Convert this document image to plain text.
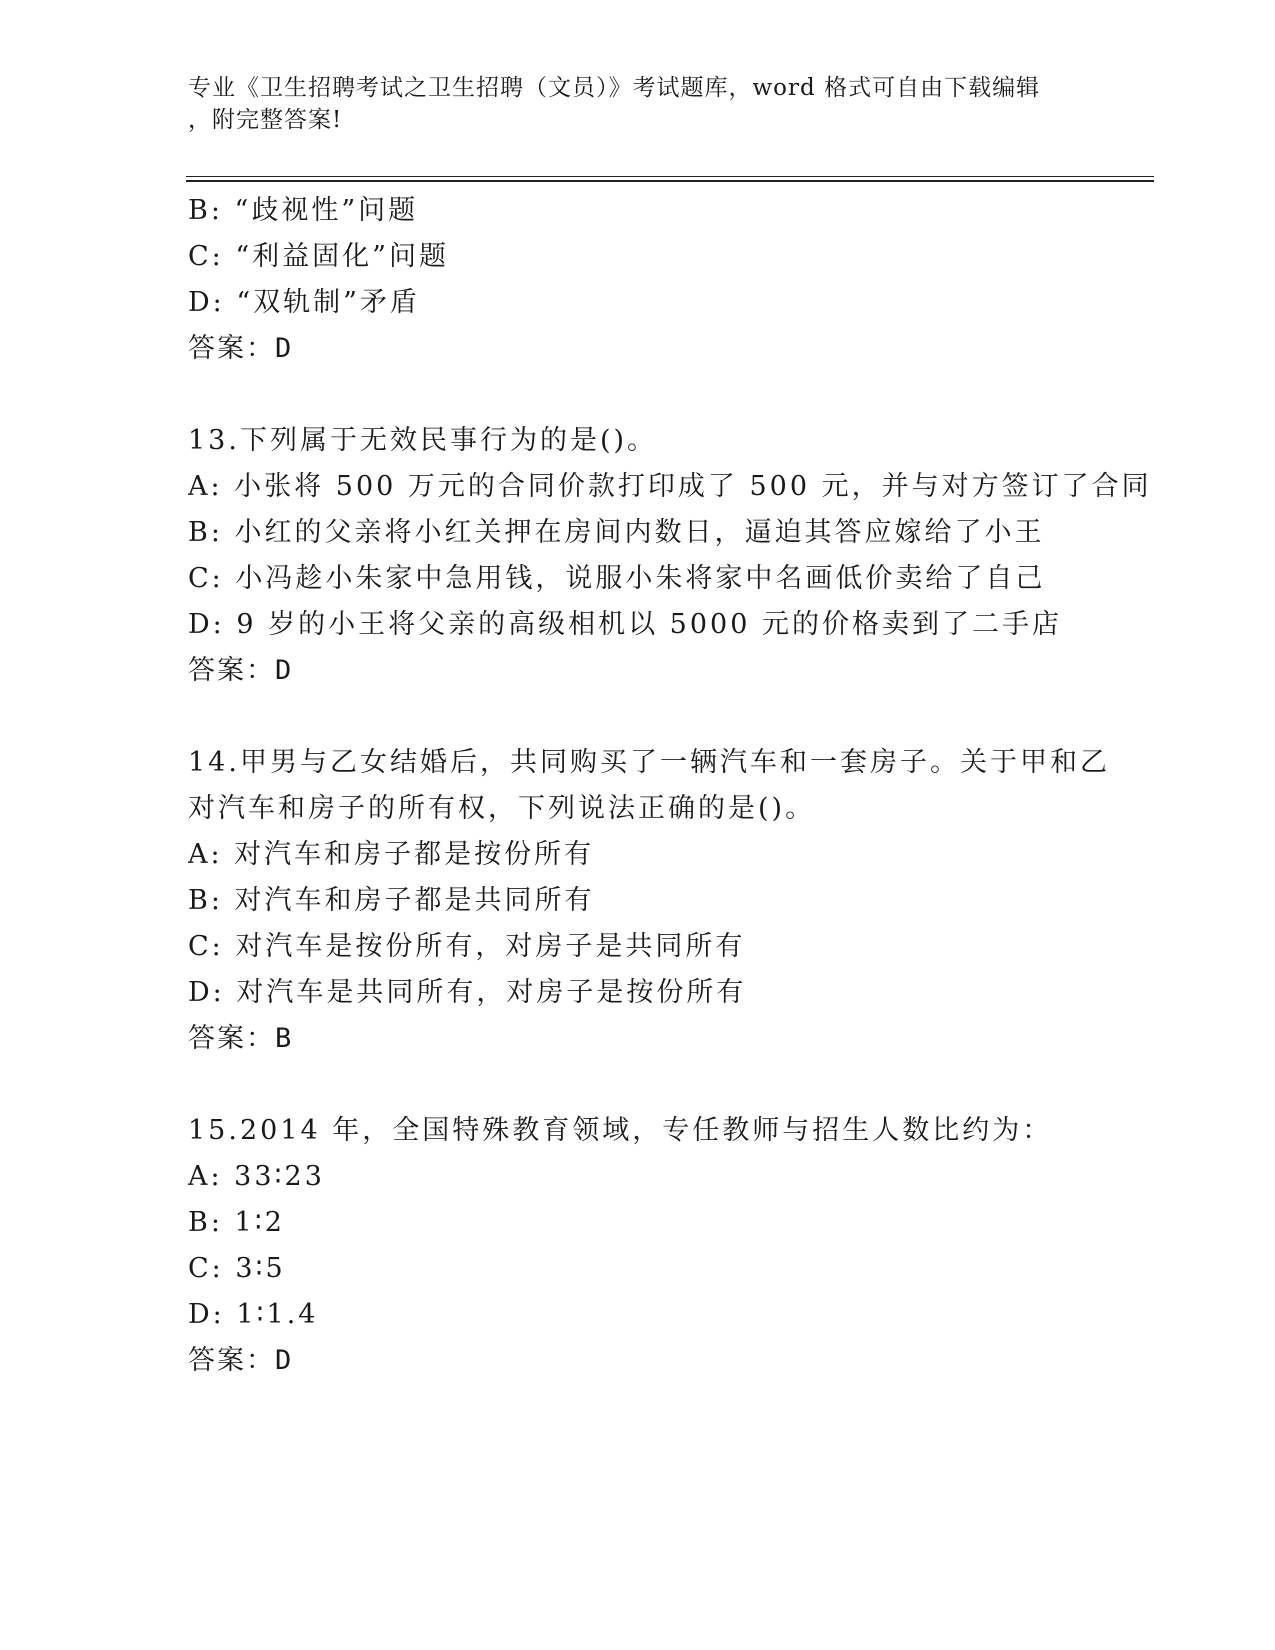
专业《卫生招聘考试之卫生招聘（文员）》考试题库，word 格式可自由下载编辑
，附完整答案!
B: “歧视性”问题
C: “利益固化”问题
D: “双轨制”矛盾
答案：D
13.下列属于无效民事行为的是()。
A: 小张将 500 万元的合同价款打印成了 500 元，并与对方签订了合同
B: 小红的父亲将小红关押在房间内数日，逼迫其答应嫁给了小王
C: 小冯趁小朱家中急用钱，说服小朱将家中名画低价卖给了自己
D: 9 岁的小王将父亲的高级相机以 5000 元的价格卖到了二手店
答案：D
14.甲男与乙女结婚后，共同购买了一辆汽车和一套房子。关于甲和乙
对汽车和房子的所有权，下列说法正确的是()。
A: 对汽车和房子都是按份所有
B: 对汽车和房子都是共同所有
C: 对汽车是按份所有，对房子是共同所有
D: 对汽车是共同所有，对房子是按份所有
答案：B
15.2014 年，全国特殊教育领域，专任教师与招生人数比约为：
A: 33∶23
B: 1∶2
C: 3∶5
D: 1∶1.4
答案：D
